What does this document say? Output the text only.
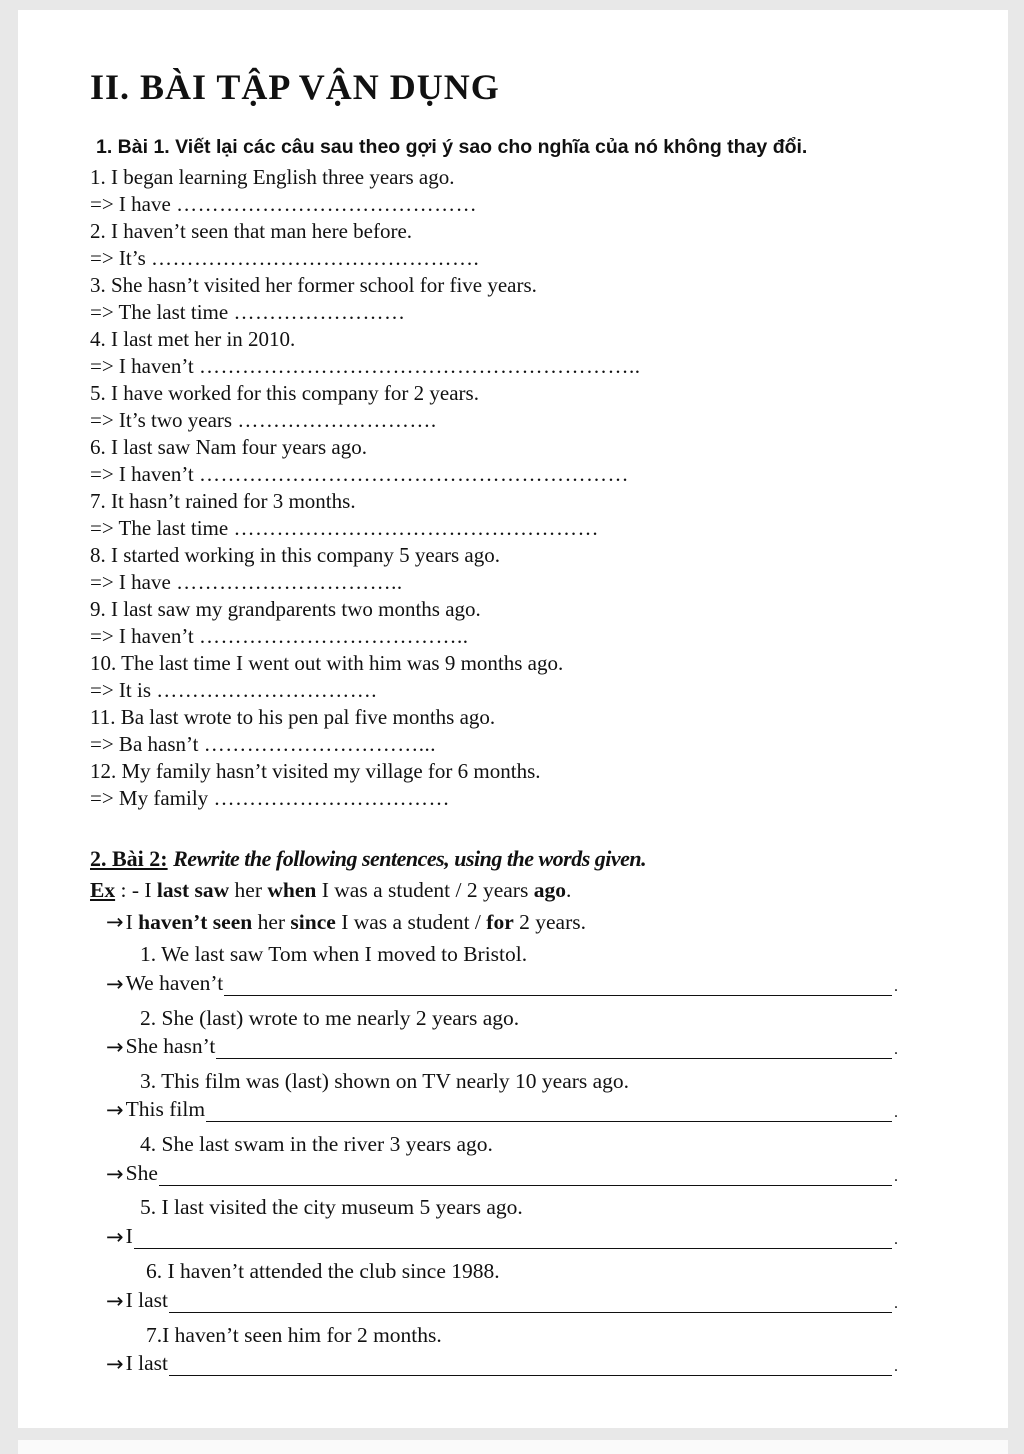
II. BÀI TẬP VẬN DỤNG

1. Bài 1. Viết lại các câu sau theo gợi ý sao cho nghĩa của nó không thay đổi.

1. I began learning English three years ago.
=> I have ……………………………………
2. I haven’t seen that man here before.
=> It’s ……………………………………….
3. She hasn’t visited her former school for five years.
=> The last time ……………………
4. I last met her in 2010.
=> I haven’t ……………………………………………………..
5. I have worked for this company for 2 years.
=> It’s two years ……………………….
6. I last saw Nam four years ago.
=> I haven’t ……………………………………………………
7. It hasn’t rained for 3 months.
=> The last time ……………………………………………
8. I started working in this company 5 years ago.
=> I have …………………………..
9. I last saw my grandparents two months ago.
=> I haven’t ………………………………..
10. The last time I went out with him was 9 months ago.
=> It is ………………………….
11. Ba last wrote to his pen pal five months ago.
=> Ba hasn’t …………………………...
12. My family hasn’t visited my village for 6 months.
=> My family ……………………………
2. Bài 2: Rewrite the following sentences, using the words given.
Ex : - I last saw her when I was a student / 2 years ago.
→I haven’t seen her since I was a student / for 2 years.
1. We last saw Tom when I moved to Bristol.
→ We haven’t	.
2. She (last) wrote to me nearly 2 years ago.
→ She hasn’t	.
3. This film was (last) shown on TV nearly 10 years ago.
→ This film	.
4. She last swam in the river 3 years ago.
→ She	.
5. I last visited the city museum 5 years ago.
→ I	.
6. I haven’t attended the club since 1988.
→ I last	.
7.I haven’t seen him for 2 months.
→ I last	.
